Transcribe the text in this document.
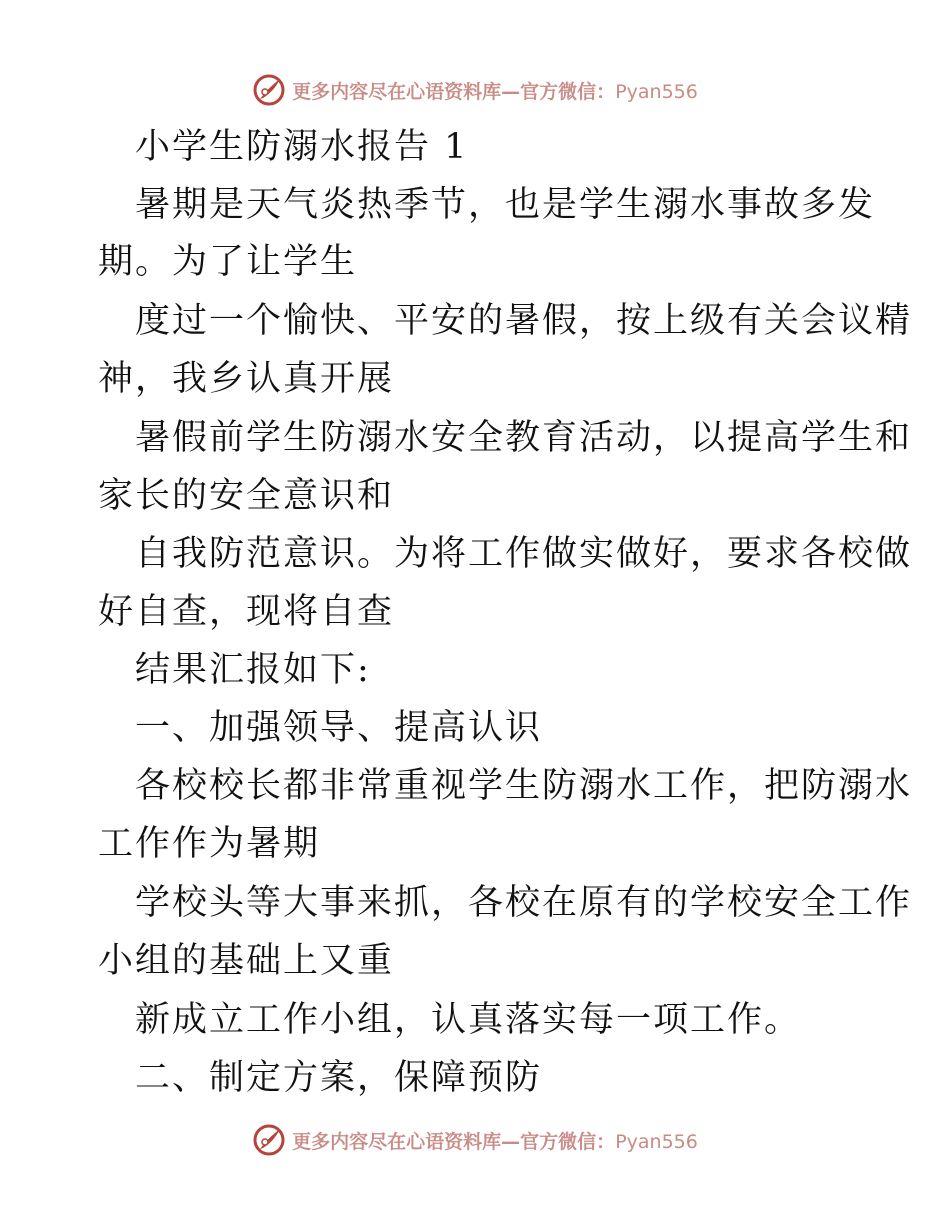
更多内容尽在心语资料库—官方微信：Pyan556
小学生防溺水报告 1
暑期是天气炎热季节，也是学生溺水事故多发
期。为了让学生
度过一个愉快、平安的暑假，按上级有关会议精
神，我乡认真开展
暑假前学生防溺水安全教育活动，以提高学生和
家长的安全意识和
自我防范意识。为将工作做实做好，要求各校做
好自查，现将自查
结果汇报如下:
一、加强领导、提高认识
各校校长都非常重视学生防溺水工作，把防溺水
工作作为暑期
学校头等大事来抓，各校在原有的学校安全工作
小组的基础上又重
新成立工作小组，认真落实每一项工作。
二、制定方案，保障预防
更多内容尽在心语资料库—官方微信：Pyan556
